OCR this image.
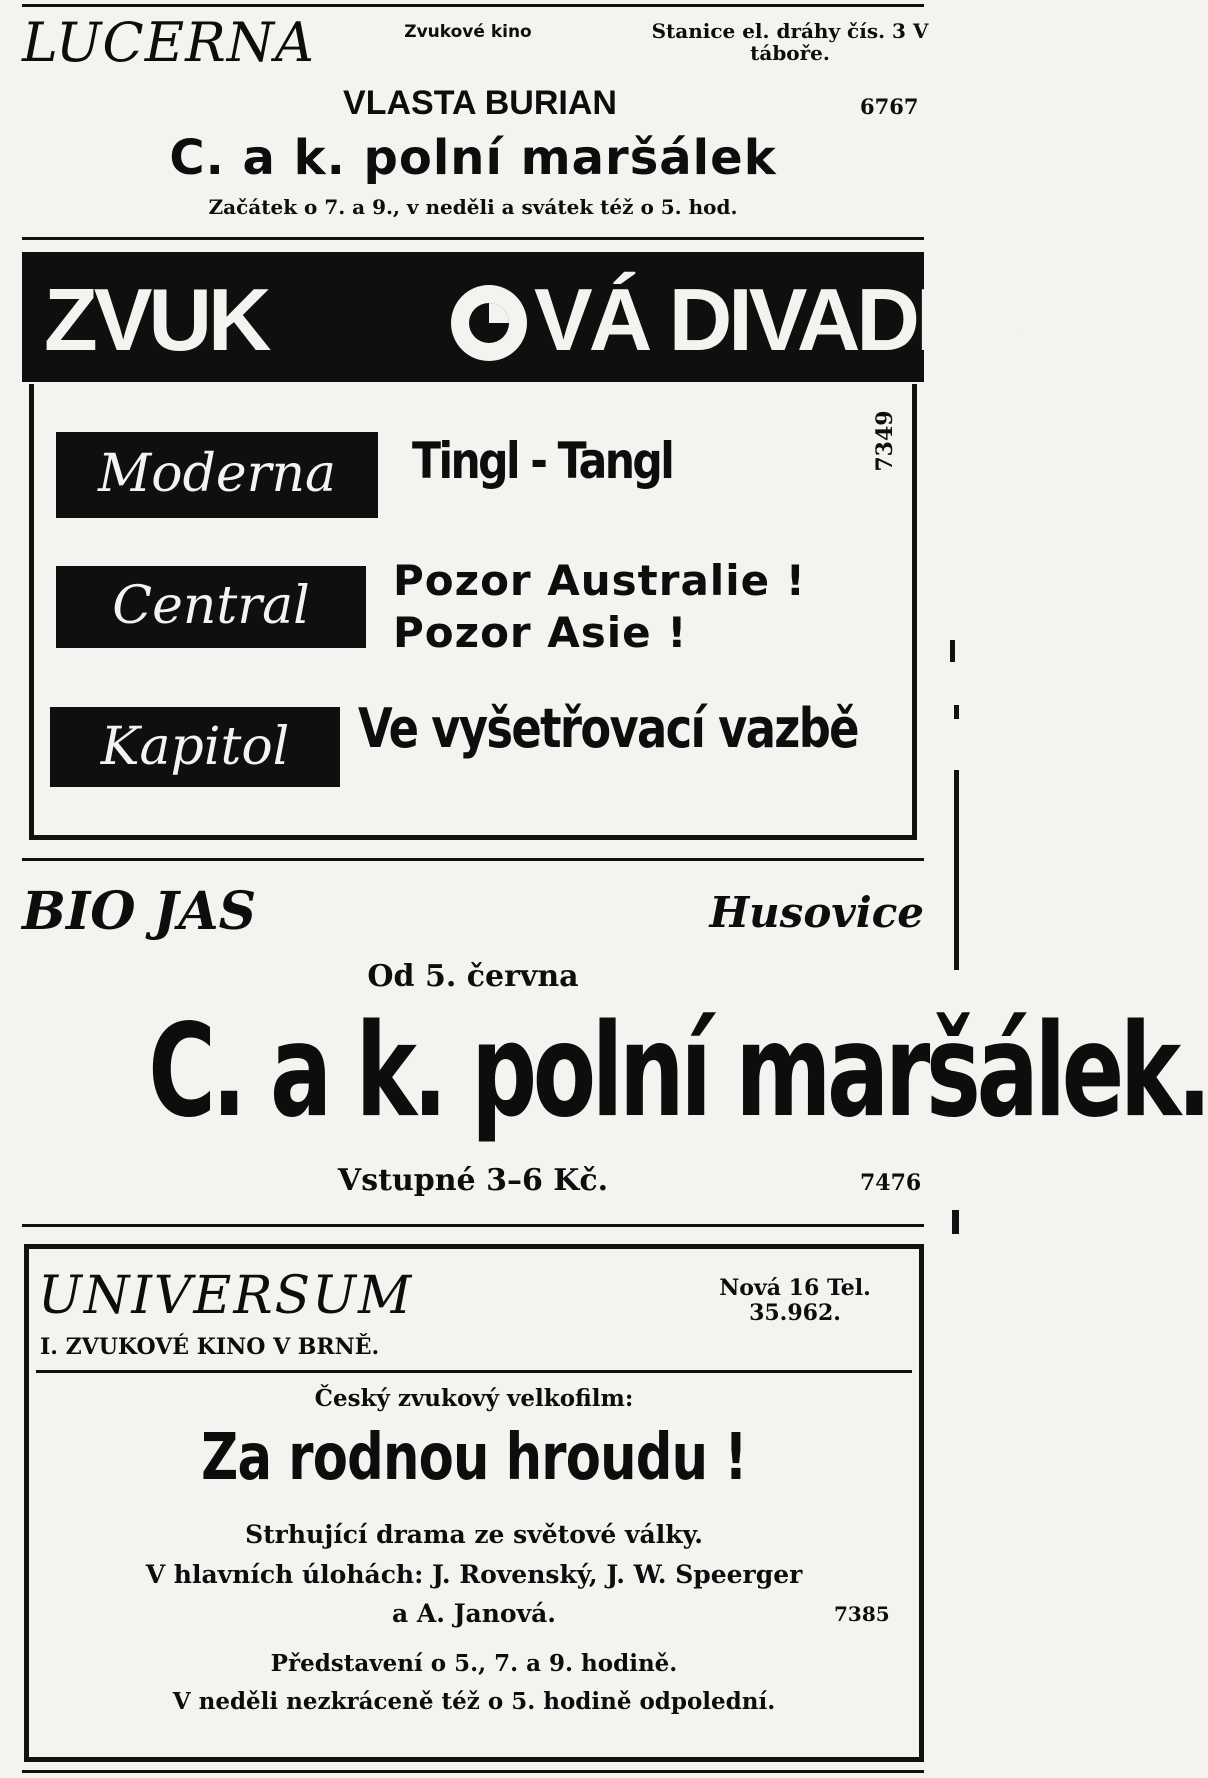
LUCERNA	Zvukové kino	Stanice el. dráhy čís. 3 V táboře.

VLASTA BURIAN	6767

C. a k. polní maršálek

Začátek o 7. a 9., v neděli a svátek též o 5. hod.

ZVUK	VÁ DIVADLA

Moderna	Tingl - Tangl	7349

Central	Pozor Australie !

Pozor Asie !

Kapitol	Ve vyšetřovací vazbě

BIO JAS	Husovice

Od 5. června

C. a k. polní maršálek.

Vstupné 3–6 Kč.	7476

UNIVERSUM	Nová 16 Tel. 35.962.

I. ZVUKOVÉ KINO V BRNĚ.

Český zvukový velkofilm:

Za rodnou hroudu !

Strhující drama ze světové války.

V hlavních úlohách: J. Rovenský, J. W. Speerger

a A. Janová.	7385

Představení o 5., 7. a 9. hodině.

V neděli nezkráceně též o 5. hodině odpolední.
